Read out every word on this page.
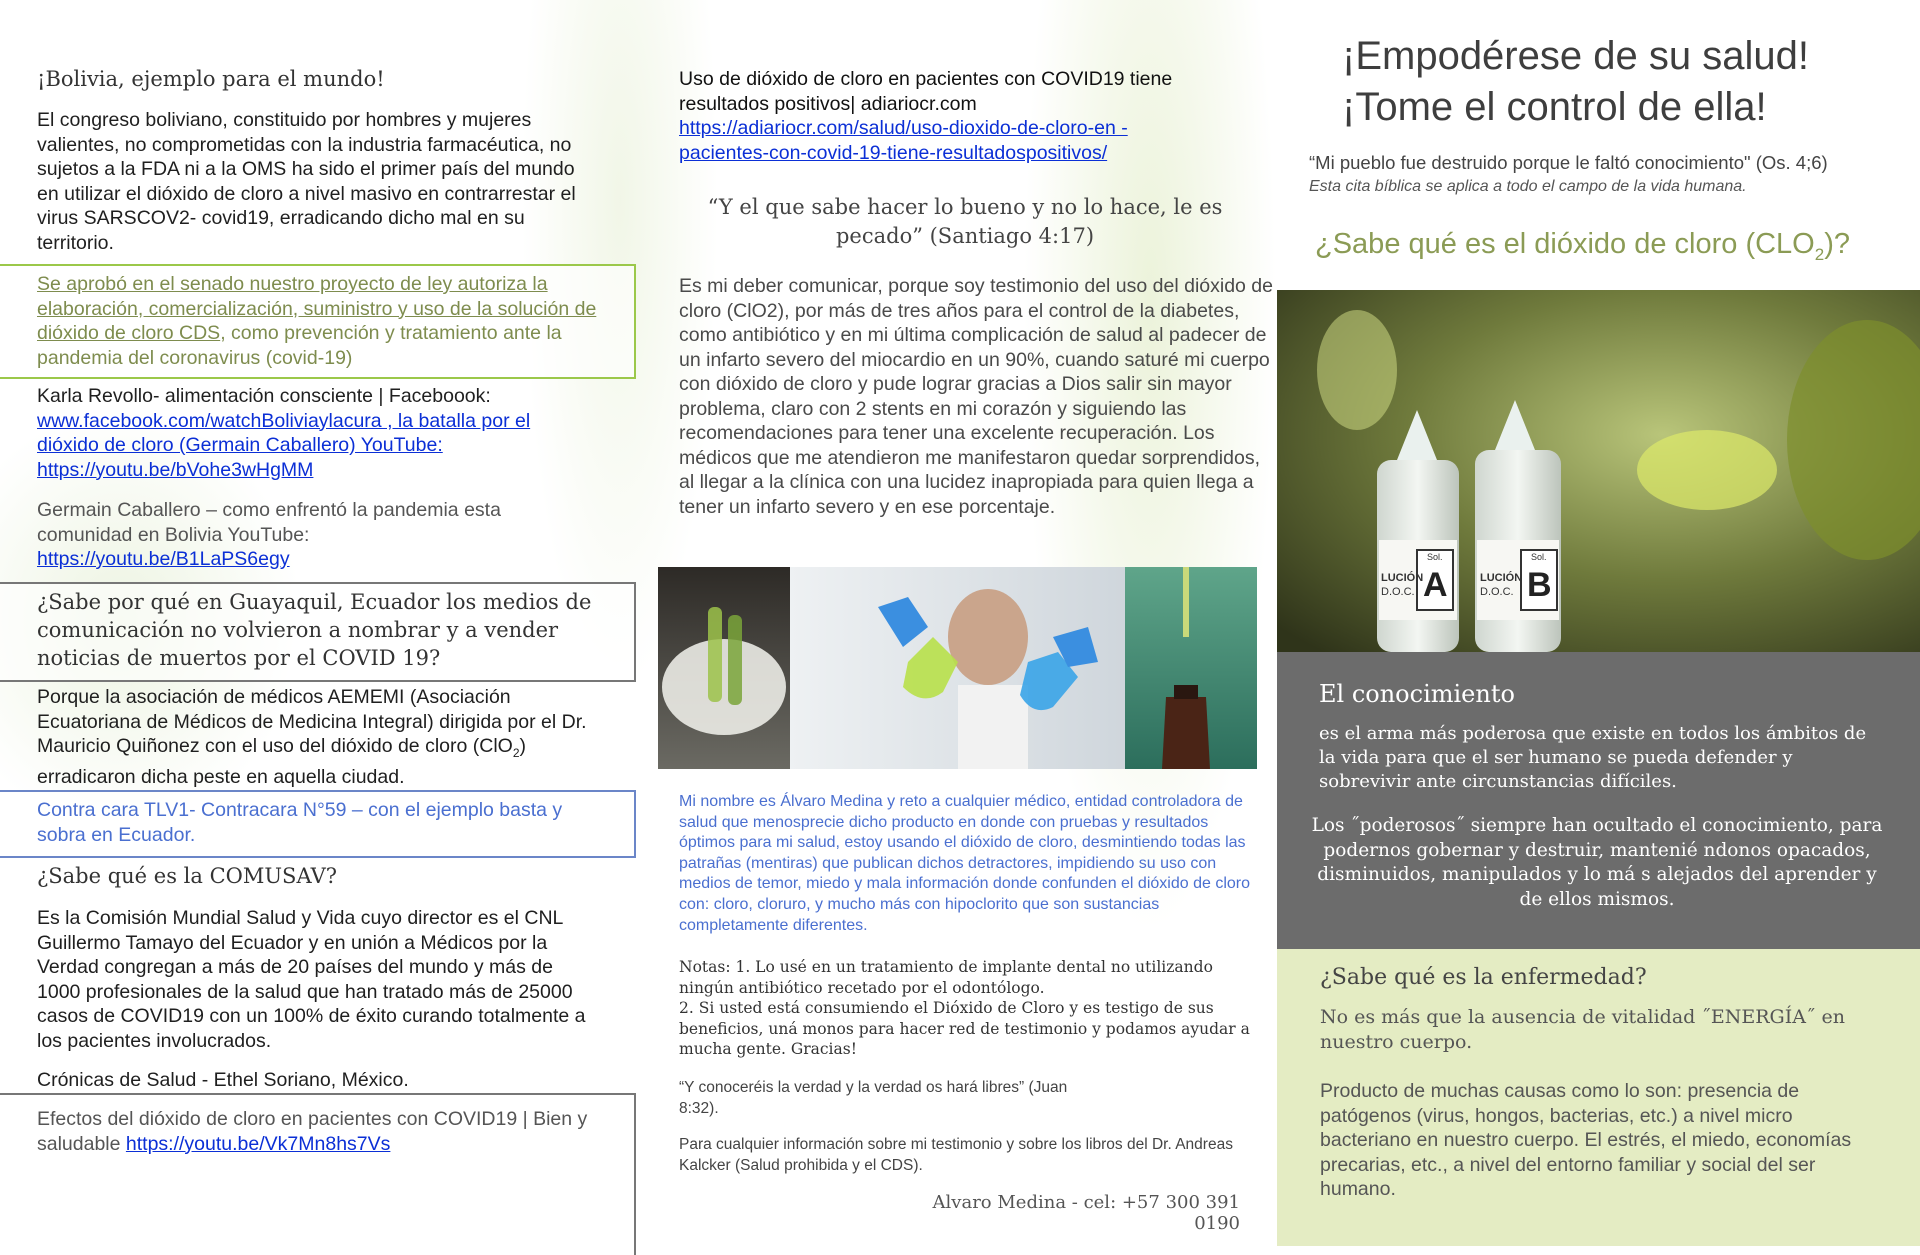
¡Bolivia, ejemplo para el mundo!

El congreso boliviano, constituido por hombres y mujeres valientes, no comprometidas con la industria farmacéutica, no sujetos a la FDA ni a la OMS ha sido el primer país del mundo en utilizar el dióxido de cloro a nivel masivo en contrarrestar el virus SARSCOV2- covid19, erradicando dicho mal en su territorio.

Se aprobó en el senado nuestro proyecto de ley autoriza la elaboración, comercialización, suministro y uso de la solución de dióxido de cloro CDS, como prevención y tratamiento ante la pandemia del coronavirus (covid-19)

Karla Revollo- alimentación consciente | Faceboook:

www.facebook.com/watchBoliviaylacura , la batalla por el dióxido de cloro (Germain Caballero) YouTube:

https://youtu.be/bVohe3wHgMM

Germain Caballero – como enfrentó la pandemia esta comunidad en Bolivia YouTube:

https://youtu.be/B1LaPS6egy

¿Sabe por qué en Guayaquil, Ecuador los medios de comunicación no volvieron a nombrar y a vender noticias de muertos por el COVID 19?

Porque la asociación de médicos AEMEMI (Asociación Ecuatoriana de Médicos de Medicina Integral) dirigida por el Dr. Mauricio Quiñonez con el uso del dióxido de cloro (ClO$_2$) erradicaron dicha peste en aquella ciudad.

Contra cara TLV1- Contracara N°59 – con el ejemplo basta y sobra en Ecuador.

¿Sabe qué es la COMUSAV?

Es la Comisión Mundial Salud y Vida cuyo director es el CNL Guillermo Tamayo del Ecuador y en unión a Médicos por la Verdad congregan a más de 20 países del mundo y más de 1000 profesionales de la salud que han tratado más de 25000 casos de COVID19 con un 100% de éxito curando totalmente a los pacientes involucrados.

Crónicas de Salud - Ethel Soriano, México.

Efectos del dióxido de cloro en pacientes con COVID19 | Bien y saludable https://youtu.be/Vk7Mn8hs7Vs

Uso de dióxido de cloro en pacientes con COVID19 tiene resultados positivos| adiariocr.com

https://adiariocr.com/salud/uso-dioxido-de-cloro-en - pacientes-con-covid-19-tiene-resultadospositivos/

“Y el que sabe hacer lo bueno y no lo hace, le es pecado” (Santiago 4:17)

Es mi deber comunicar, porque soy testimonio del uso del dióxido de cloro (ClO2), por más de tres años para el control de la diabetes, como antibiótico y en mi última complicación de salud al padecer de un infarto severo del miocardio en un 90%, cuando saturé mi cuerpo con dióxido de cloro y pude lograr gracias a Dios salir sin mayor problema, claro con 2 stents en mi corazón y siguiendo las recomendaciones para tener una excelente recuperación. Los médicos que me atendieron me manifestaron quedar sorprendidos, al llegar a la clínica con una lucidez inapropiada para quien llega a tener un infarto severo y en ese porcentaje.

Mi nombre es Álvaro Medina y reto a cualquier médico, entidad controladora de salud que menosprecie dicho producto en donde con pruebas y resultados óptimos para mi salud, estoy usando el dióxido de cloro, desmintiendo todas las patrañas (mentiras) que publican dichos detractores, impidiendo su uso con medios de temor, miedo y mala información donde confunden el dióxido de cloro con: cloro, cloruro, y mucho más con hipoclorito que son sustancias completamente diferentes.

Notas: 1. Lo usé en un tratamiento de implante dental no utilizando ningún antibiótico recetado por el odontólogo.

2. Si usted está consumiendo el Dióxido de Cloro y es testigo de sus beneficios, uná monos para hacer red de testimonio y podamos ayudar a mucha gente. Gracias!

“Y conoceréis la verdad y la verdad os hará libres” (Juan 8:32).

Para cualquier información sobre mi testimonio y sobre los libros del Dr. Andreas Kalcker (Salud prohibida y el CDS).

Alvaro Medina - cel: +57 300 391 0190

¡Empodérese de su salud!

¡Tome el control de ella!

“Mi pueblo fue destruido porque le faltó conocimiento" (Os. 4;6)

Esta cita bíblica se aplica a todo el campo de la vida humana.

¿Sabe qué es el dióxido de cloro $(CLO_2)$?

LUCIÓN
D.O.C.
Sol.
A	LUCIÓN
D.O.C.
Sol.
B

El conocimiento

es el arma más poderosa que existe en todos los ámbitos de la vida para que el ser humano se pueda defender y sobrevivir ante circunstancias difíciles.

Los ˝poderosos˝ siempre han ocultado el conocimiento, para podernos gobernar y destruir, mantenié ndonos opacados, disminuidos, manipulados y lo má s alejados del aprender y de ellos mismos.

¿Sabe qué es la enfermedad?

No es más que la ausencia de vitalidad ˝ENERGÍA˝ en nuestro cuerpo.

Producto de muchas causas como lo son: presencia de patógenos (virus, hongos, bacterias, etc.) a nivel micro bacteriano en nuestro cuerpo. El estrés, el miedo, economías precarias, etc., a nivel del entorno familiar y social del ser humano.
